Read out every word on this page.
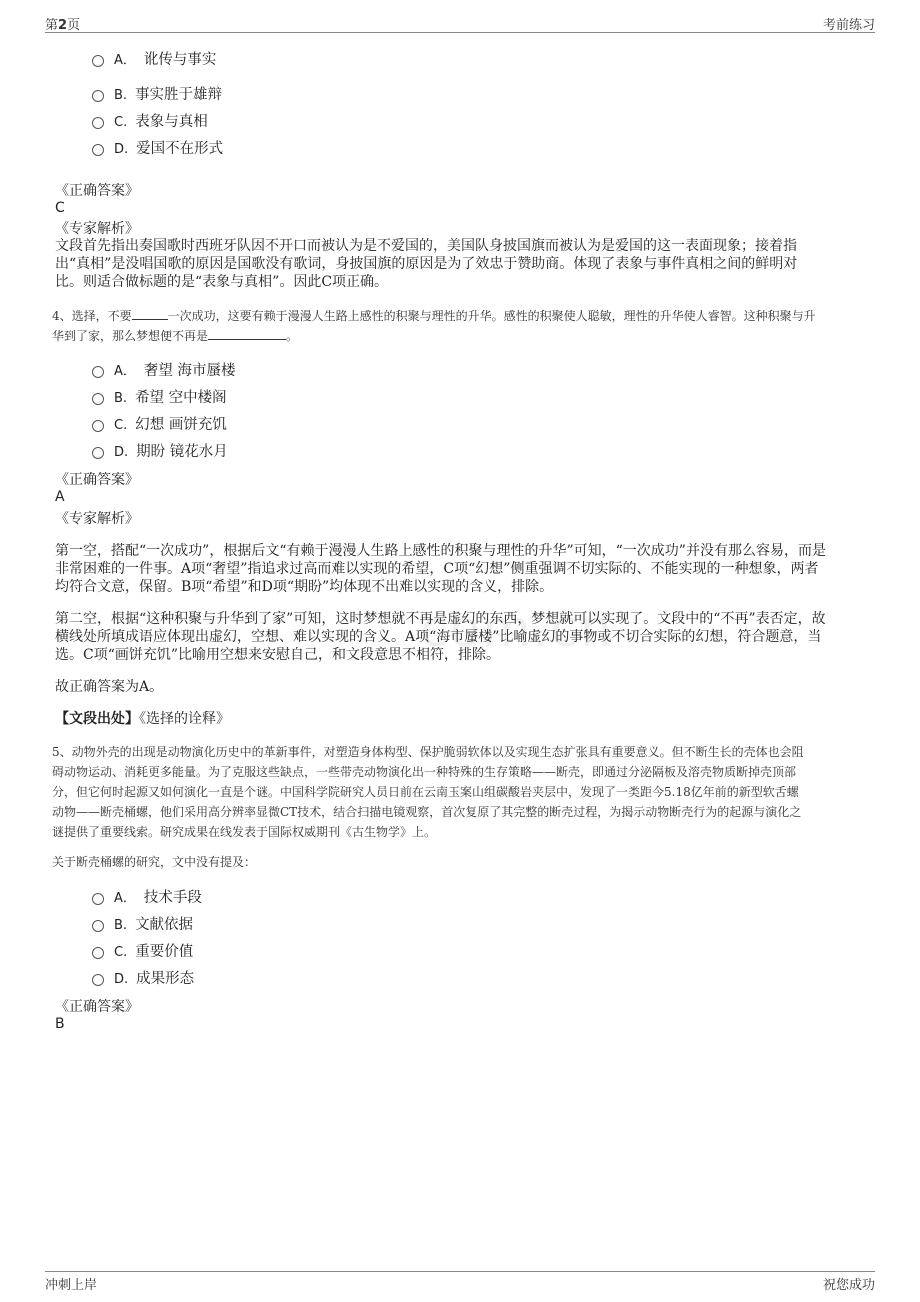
第2页	考前练习
com.cn
A． 讹传与事实
B. 事实胜于雄辩
C. 表象与真相
D. 爱国不在形式
《正确答案》
C
《专家解析》
文段首先指出奏国歌时西班牙队因不开口而被认为是不爱国的，美国队身披国旗而被认为是爱国的这一表面现象；接着指
出“真相”是没唱国歌的原因是国歌没有歌词，身披国旗的原因是为了效忠于赞助商。体现了表象与事件真相之间的鲜明对
比。则适合做标题的是“表象与真相”。因此C项正确。
4、选择，不要	一次成功，这要有赖于漫漫人生路上感性的积聚与理性的升华。感性的积聚使人聪敏，理性的升华使人睿智。这种积聚与升
华到了家，那么梦想便不再是	。
A． 奢望 海市蜃楼
B. 希望 空中楼阁
C. 幻想 画饼充饥
D. 期盼 镜花水月
《正确答案》
A
《专家解析》
第一空，搭配“一次成功”，根据后文“有赖于漫漫人生路上感性的积聚与理性的升华”可知，“一次成功”并没有那么容易，而是
非常困难的一件事。A项“奢望”指追求过高而难以实现的希望，C项“幻想”侧重强调不切实际的、不能实现的一种想象，两者
均符合文意，保留。B项“希望”和D项“期盼”均体现不出难以实现的含义，排除。
第二空，根据“这种积聚与升华到了家”可知，这时梦想就不再是虚幻的东西，梦想就可以实现了。文段中的“不再”表否定，故
横线处所填成语应体现出虚幻，空想、难以实现的含义。A项“海市蜃楼”比喻虚幻的事物或不切合实际的幻想，符合题意，当
选。C项“画饼充饥”比喻用空想来安慰自己，和文段意思不相符，排除。
故正确答案为A。
【文段出处】《选择的诠释》
5、动物外壳的出现是动物演化历史中的革新事件，对塑造身体构型、保护脆弱软体以及实现生态扩张具有重要意义。但不断生长的壳体也会阻
碍动物运动、消耗更多能量。为了克服这些缺点，一些带壳动物演化出一种特殊的生存策略——断壳，即通过分泌隔板及溶壳物质断掉壳顶部
分，但它何时起源又如何演化一直是个谜。中国科学院研究人员日前在云南玉案山组碳酸岩夹层中，发现了一类距今5.18亿年前的新型软舌螺
动物——断壳桶螺，他们采用高分辨率显微CT技术，结合扫描电镜观察，首次复原了其完整的断壳过程，为揭示动物断壳行为的起源与演化之
谜提供了重要线索。研究成果在线发表于国际权威期刊《古生物学》上。
关于断壳桶螺的研究，文中没有提及：
A． 技术手段
B. 文献依据
C. 重要价值
D. 成果形态
《正确答案》
B
冲刺上岸	祝您成功
